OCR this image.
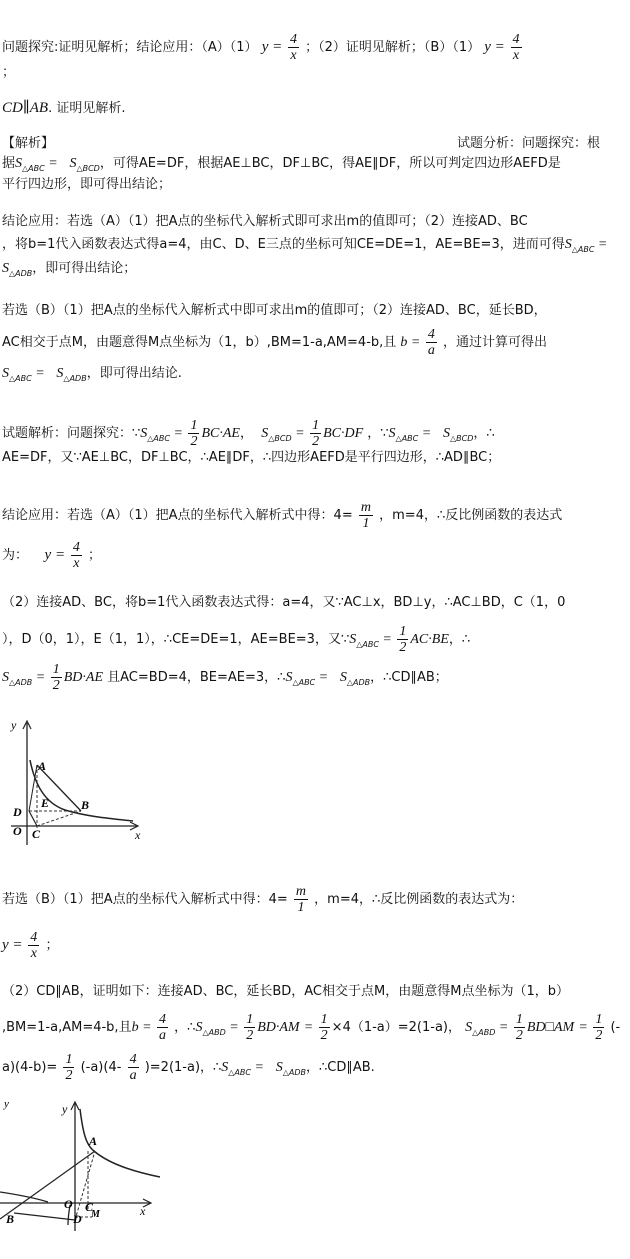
问题探究:证明见解析；结论应用：（A）（1） $y = \frac{4}{x}$ ；（2）证明见解析；（B）（1） $y = \frac{4}{x}$
；
CD∥AB. 证明见解析.
【解析】	试题分析：问题探究：根
据$S_{\triangle ABC} = S_{\triangle BCD}$，可得AE=DF，根据AE⊥BC，DF⊥BC，得AE∥DF，所以可判定四边形AEFD是
平行四边形，即可得出结论；
结论应用：若选（A）（1）把A点的坐标代入解析式即可求出m的值即可；（2）连接AD、BC
，将b=1代入函数表达式得a=4，由C、D、E三点的坐标可知CE=DE=1，AE=BE=3，进而可得$S_{\triangle ABC}$ =
$S_{\triangle ADB}$，即可得出结论；
若选（B）（1）把A点的坐标代入解析式中即可求出m的值即可；（2）连接AD、BC，延长BD，
AC相交于点M，由题意得M点坐标为（1，b）,BM=1-a,AM=4-b,且 $b = \frac{4}{a}$ ，通过计算可得出
$S_{\triangle ABC} = S_{\triangle ADB}$，即可得出结论.
试题解析：问题探究：$\because S_{\triangle ABC} = \frac{1}{2} BC\cdot AE$， $S_{\triangle BCD} = \frac{1}{2} BC\cdot DF$ ，$\because S_{\triangle ABC} = S_{\triangle BCD}$，∴
AE=DF，又∵AE⊥BC，DF⊥BC，∴AE∥DF，∴四边形AEFD是平行四边形，∴AD∥BC；
结论应用：若选（A）（1）把A点的坐标代入解析式中得：$4= \frac{m}{1}$ ，m=4，∴反比例函数的表达式
为： $y = \frac{4}{x}$ ；
（2）连接AD、BC，将b=1代入函数表达式得：a=4，又∵AC⊥x，BD⊥y，∴AC⊥BD，C（1，0
），D（0，1），E（1，1），∴CE=DE=1，AE=BE=3，又$\because S_{\triangle ABC} = \frac{1}{2} AC\cdot BE$，∴
$S_{\triangle ADB} = \frac{1}{2} BD\cdot AE$ 且AC=BD=4，BE=AE=3，$\therefore S_{\triangle ABC} = S_{\triangle ADB}$，∴CD∥AB；
y
x
A
B
D
E
O C
若选（B）（1）把A点的坐标代入解析式中得：$4= \frac{m}{1}$ ，m=4，∴反比例函数的表达式为：
$y = \frac{4}{x}$ ；
（2）CD∥AB，证明如下：连接AD、BC，延长BD，AC相交于点M，由题意得M点坐标为（1，b）
,BM=1-a,AM=4-b,且$b = \frac{4}{a}$ ，$\therefore S_{\triangle ABD} = \frac{1}{2} BD\cdot AM = \frac{1}{2} \times 4(1-a)=2(1-a)$， $S_{\triangle ABD} = \frac{1}{2}$ BD□AM = $\frac{1}{2}$ (-
$a)(4-b)= \frac{1}{2} (-a)(4- \frac{4}{a} )=2(1-a)$，$\therefore S_{\triangle ABC} = S_{\triangle ADB}$，∴CD∥AB.
y	y
x
A
B	D
O C
M
